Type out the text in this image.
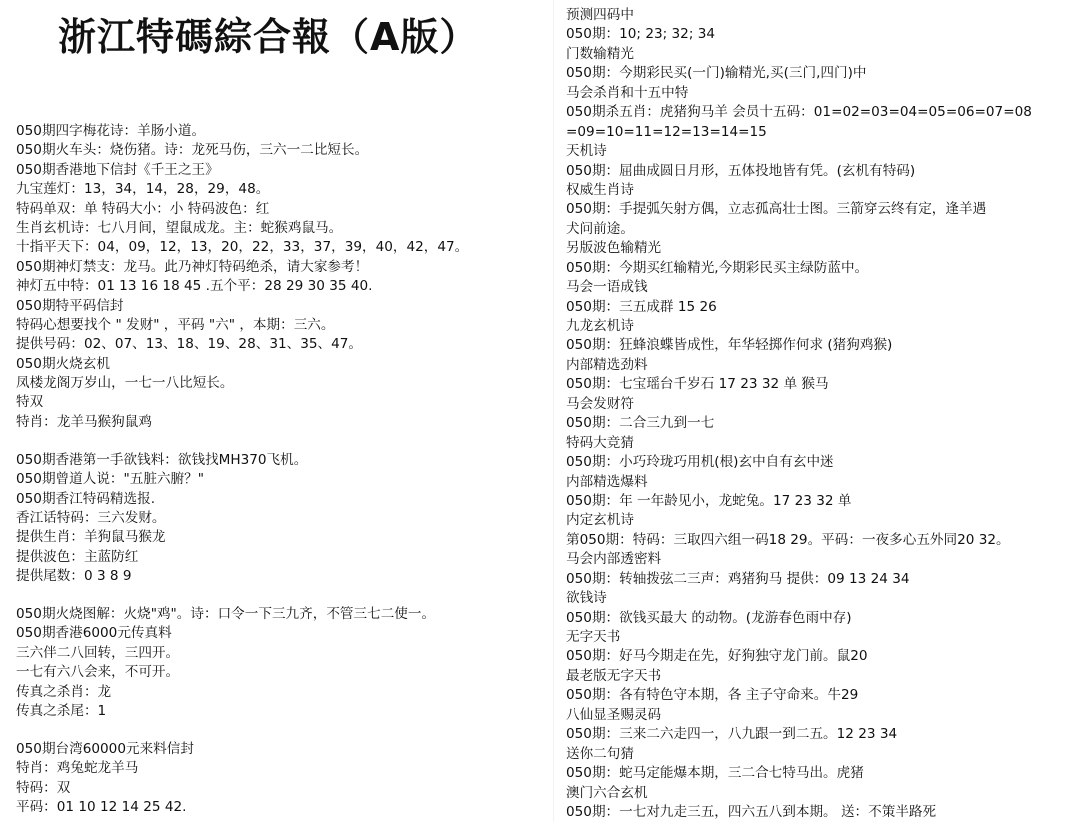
浙江特碼綜合報（A版）
050期四字梅花诗：羊肠小道。
050期火车头：烧伤猪。诗：龙死马伤，三六一二比短长。
050期香港地下信封《千王之王》
九宝莲灯：13，34，14，28，29，48。
特码单双：单 特码大小：小 特码波色：红
生肖玄机诗：七八月间，望鼠成龙。主：蛇猴鸡鼠马。
十指平天下：04，09，12，13，20，22，33，37，39，40，42，47。
050期神灯禁支：龙马。此乃神灯特码绝杀，请大家参考！
神灯五中特：01 13 16 18 45 .五个平：28 29 30 35 40.
050期特平码信封
特码心想要找个 " 发财" ，平码 "六" ，本期：三六。
提供号码：02、07、13、18、19、28、31、35、47。
050期火烧玄机
凤楼龙阁万岁山，一七一八比短长。
特双
特肖：龙羊马猴狗鼠鸡
050期香港第一手欲钱料：欲钱找MH370飞机。
050期曾道人说："五脏六腑？"
050期香江特码精选报.
香江话特码：三六发财。
提供生肖：羊狗鼠马猴龙
提供波色：主蓝防红
提供尾数：0 3 8 9
050期火烧图解：火烧"鸡"。诗：口令一下三九齐，不管三七二使一。
050期香港6000元传真料
三六伴二八回转，三四开。
一七有六八会来，不可开。
传真之杀肖：龙
传真之杀尾：1
050期台湾60000元来料信封
特肖：鸡兔蛇龙羊马
特码：双
平码：01 10 12 14 25 42.
预测四码中
050期：10; 23; 32; 34
门数输精光
050期：今期彩民买(一门)输精光,买(三门,四门)中
马会杀肖和十五中特
050期杀五肖：虎猪狗马羊 会员十五码：01=02=03=04=05=06=07=08
=09=10=11=12=13=14=15
天机诗
050期：屈曲成圆日月形，五体投地皆有凭。(玄机有特码)
权威生肖诗
050期：手提弧矢射方偶，立志孤高壮士图。三箭穿云终有定，逢羊遇
犬问前途。
另版波色输精光
050期：今期买红输精光,今期彩民买主绿防蓝中。
马会一语成钱
050期：三五成群 15 26
九龙玄机诗
050期：狂蜂浪蝶皆成性，年华轻掷作何求 (猪狗鸡猴)
内部精选劲料
050期：七宝瑶台千岁石 17 23 32 单 猴马
马会发财符
050期：二合三九到一七
特码大竞猜
050期：小巧玲珑巧用机(根)玄中自有玄中迷
内部精选爆料
050期：年 一年龄见小，龙蛇兔。17 23 32 单
内定玄机诗
第050期：特码：三取四六组一码18 29。平码：一夜多心五外同20 32。
马会内部透密料
050期：转轴拨弦二三声：鸡猪狗马 提供：09 13 24 34
欲钱诗
050期：欲钱买最大 的动物。(龙游春色雨中存)
无字天书
050期：好马今期走在先，好狗独守龙门前。鼠20
最老版无字天书
050期：各有特色守本期，各 主子守命来。牛29
八仙显圣赐灵码
050期：三来二六走四一，八九跟一到二五。12 23 34
送你二句猜
050期：蛇马定能爆本期，三二合七特马出。虎猪
澳门六合玄机
050期：一七对九走三五，四六五八到本期。 送：不策半路死
